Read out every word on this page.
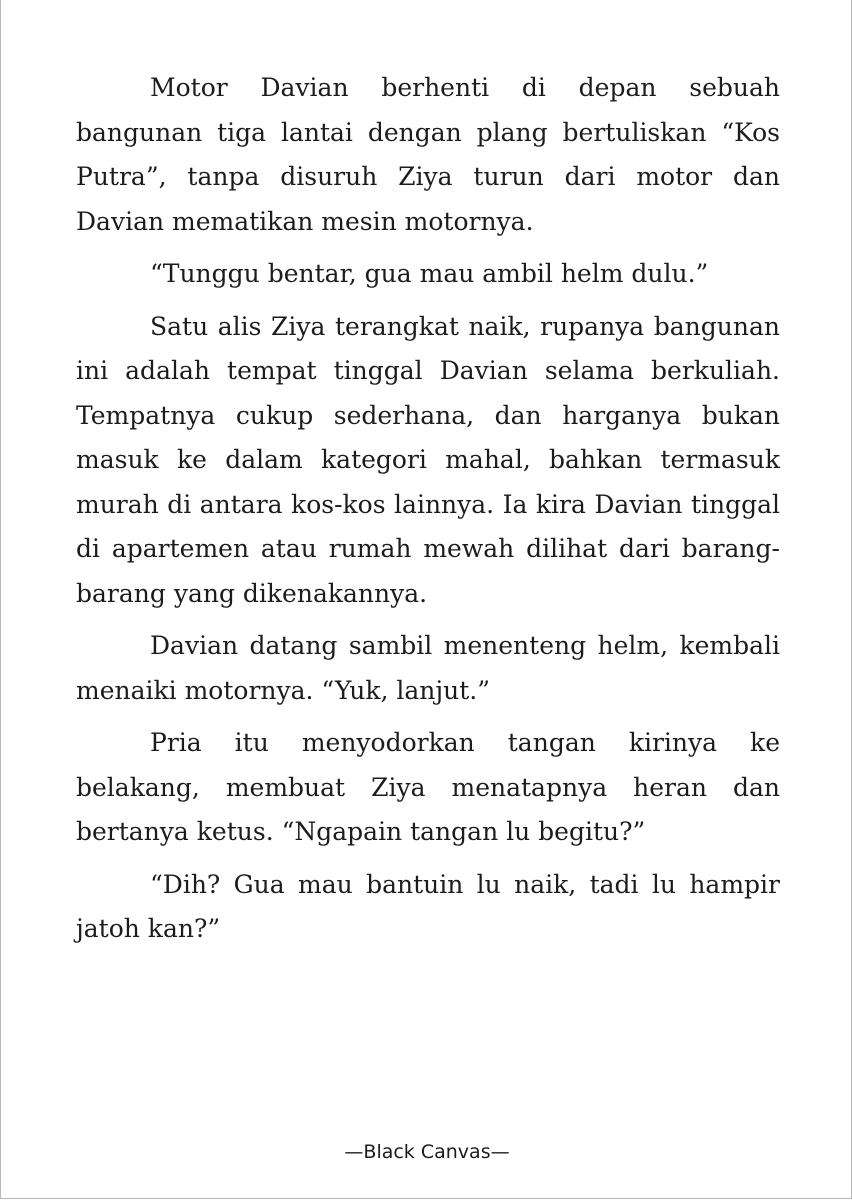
Motor Davian berhenti di depan sebuah bangunan tiga lantai dengan plang bertuliskan “Kos Putra”, tanpa disuruh Ziya turun dari motor dan Davian mematikan mesin motornya.

“Tunggu bentar, gua mau ambil helm dulu.”

Satu alis Ziya terangkat naik, rupanya bangunan ini adalah tempat tinggal Davian selama berkuliah. Tempatnya cukup sederhana, dan harganya bukan masuk ke dalam kategori mahal, bahkan termasuk murah di antara kos-kos lainnya. Ia kira Davian tinggal di apartemen atau rumah mewah dilihat dari barang-barang yang dikenakannya.

Davian datang sambil menenteng helm, kembali menaiki motornya. “Yuk, lanjut.”

Pria itu menyodorkan tangan kirinya ke belakang, membuat Ziya menatapnya heran dan bertanya ketus. “Ngapain tangan lu begitu?”

“Dih? Gua mau bantuin lu naik, tadi lu hampir jatoh kan?”

—Black Canvas—
